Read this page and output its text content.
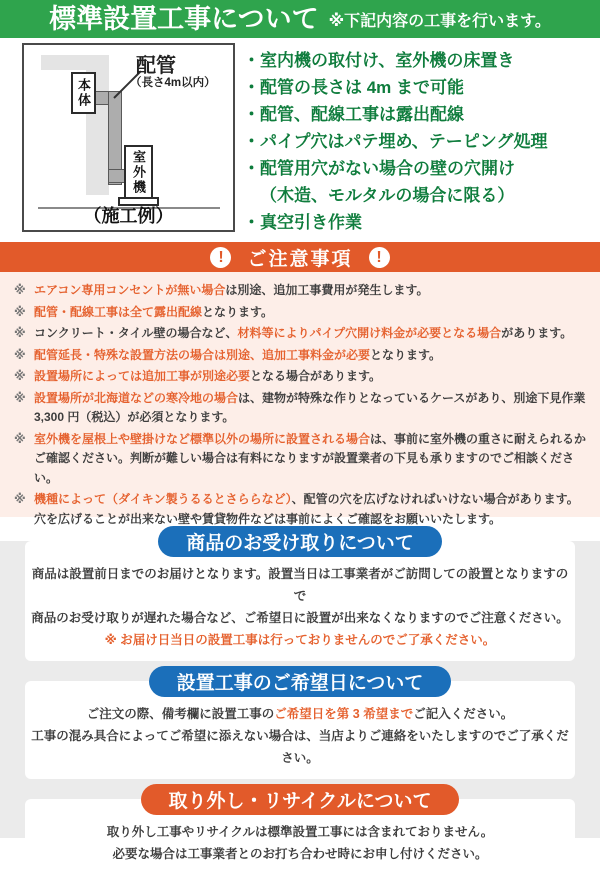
標準設置工事について ※下記内容の工事を行います。
配管
（長さ4m以内）
本体
室外機
（施工例）
・室内機の取付け、室外機の床置き
・配管の長さは 4m まで可能
・配管、配線工事は露出配線
・パイプ穴はパテ埋め、テーピング処理
・配管用穴がない場合の壁の穴開け
（木造、モルタルの場合に限る）
・真空引き作業
!	ご注意事項	!
※ エアコン専用コンセントが無い場合は別途、追加工事費用が発生します。
※ 配管・配線工事は全て露出配線となります。
※ コンクリート・タイル壁の場合など、材料等によりパイプ穴開け料金が必要となる場合があります。
※ 配管延長・特殊な設置方法の場合は別途、追加工事料金が必要となります。
※ 設置場所によっては追加工事が別途必要となる場合があります。
※ 設置場所が北海道などの寒冷地の場合は、建物が特殊な作りとなっているケースがあり、別途下見作業 3,300 円（税込）が必須となります。
※ 室外機を屋根上や壁掛けなど標準以外の場所に設置される場合は、事前に室外機の重さに耐えられるかご確認ください。判断が難しい場合は有料になりますが設置業者の下見も承りますのでご相談ください。
※ 機種によって（ダイキン製うるるとさららなど）、配管の穴を広げなければいけない場合があります。穴を広げることが出来ない壁や賃貸物件などは事前によくご確認をお願いいたします。
商品のお受け取りについて
商品は設置前日までのお届けとなります。設置当日は工事業者がご訪問しての設置となりますので
商品のお受け取りが遅れた場合など、ご希望日に設置が出来なくなりますのでご注意ください。
※ お届け日当日の設置工事は行っておりませんのでご了承ください。
設置工事のご希望日について
ご注文の際、備考欄に設置工事のご希望日を第 3 希望までご記入ください。
工事の混み具合によってご希望に添えない場合は、当店よりご連絡をいたしますのでご了承ください。
取り外し・リサイクルについて
取り外し工事やリサイクルは標準設置工事には含まれておりません。
必要な場合は工事業者とのお打ち合わせ時にお申し付けください。
